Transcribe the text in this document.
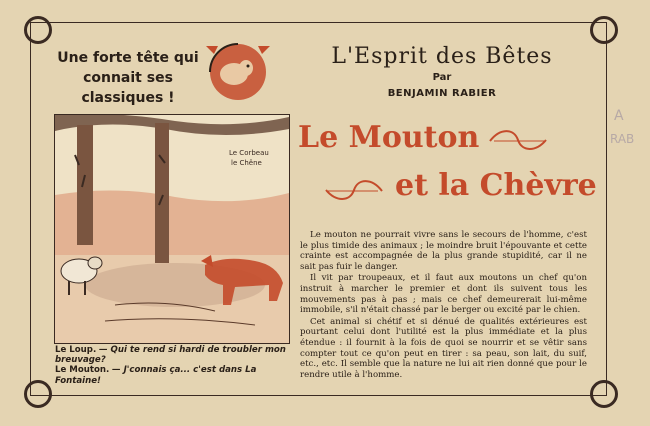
A
RAB
Une forte tête qui
connait ses classiques !
L'Esprit des Bêtes
Par
BENJAMIN RABIER
Le Mouton
et la Chèvre

Le mouton ne pourrait vivre sans le secours de l'homme, c'est le plus timide des animaux ; le moindre bruit l'épouvante et cette crainte est accompagnée de la plus grande stupidité, car il ne sait pas fuir le danger.

Il vit par troupeaux, et il faut aux moutons un chef qu'on instruit à marcher le premier et dont ils suivent tous les mouvements pas à pas ; mais ce chef demeurerait lui-même immobile, s'il n'était chassé par le berger ou excité par le chien.

Cet animal si chétif et si dénué de qualités extérieures est pourtant celui dont l'utilité est la plus immédiate et la plus étendue : il fournit à la fois de quoi se nourrir et se vêtir sans compter tout ce qu'on peut en tirer : sa peau, son lait, du suif, etc., etc. Il semble que la nature ne lui ait rien donné que pour le rendre utile à l'homme.

Le Corbeau
le Chêne
Le Loup. — Qui te rend si hardi de troubler mon breuvage?
Le Mouton. — J'connais ça... c'est dans La Fontaine!
